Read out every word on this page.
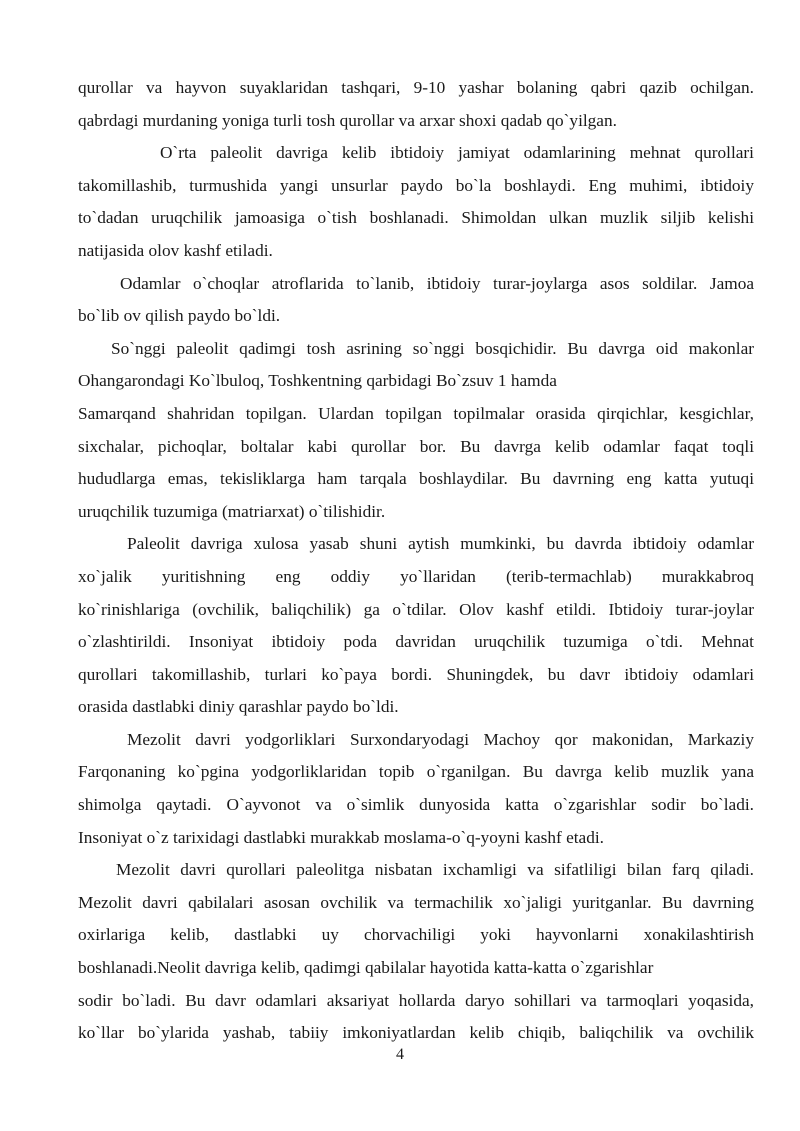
qurollar va hayvon suyaklaridan tashqari, 9-10 yashar bolaning qabri qazib ochilgan.

qabrdagi murdaning yoniga turli tosh qurollar va arxar shoxi qadab qo`yilgan.

O`rta paleolit davriga kelib ibtidoiy jamiyat odamlarining mehnat qurollari

takomillashib, turmushida yangi unsurlar paydo bo`la boshlaydi. Eng muhimi, ibtidoiy

to`dadan uruqchilik jamoasiga o`tish boshlanadi. Shimoldan ulkan muzlik siljib kelishi

natijasida olov kashf etiladi.

Odamlar o`choqlar atroflarida to`lanib, ibtidoiy turar-joylarga asos soldilar. Jamoa

bo`lib ov qilish paydo bo`ldi.

So`nggi paleolit qadimgi tosh asrining so`nggi bosqichidir. Bu davrga oid makonlar

Ohangarondagi Ko`lbuloq, Toshkentning qarbidagi Bo`zsuv 1 hamda

Samarqand shahridan topilgan. Ulardan topilgan topilmalar orasida qirqichlar, kesgichlar,

sixchalar, pichoqlar, boltalar kabi qurollar bor. Bu davrga kelib odamlar faqat toqli

hududlarga emas, tekisliklarga ham tarqala boshlaydilar. Bu davrning eng katta yutuqi

uruqchilik tuzumiga (matriarxat) o`tilishidir.

Paleolit davriga xulosa yasab shuni aytish mumkinki, bu davrda ibtidoiy odamlar

xo`jalik yuritishning eng oddiy yo`llaridan (terib-termachlab) murakkabroq

ko`rinishlariga (ovchilik, baliqchilik) ga o`tdilar. Olov kashf etildi. Ibtidoiy turar-joylar

o`zlashtirildi. Insoniyat ibtidoiy poda davridan uruqchilik tuzumiga o`tdi. Mehnat

qurollari takomillashib, turlari ko`paya bordi. Shuningdek, bu davr ibtidoiy odamlari

orasida dastlabki diniy qarashlar paydo bo`ldi.

Mezolit davri yodgorliklari Surxondaryodagi Machoy qor makonidan, Markaziy

Farqonaning ko`pgina yodgorliklaridan topib o`rganilgan. Bu davrga kelib muzlik yana

shimolga qaytadi. O`ayvonot va o`simlik dunyosida katta o`zgarishlar sodir bo`ladi.

Insoniyat o`z tarixidagi dastlabki murakkab moslama-o`q-yoyni kashf etadi.

Mezolit davri qurollari paleolitga nisbatan ixchamligi va sifatliligi bilan farq qiladi.

Mezolit davri qabilalari asosan ovchilik va termachilik xo`jaligi yuritganlar. Bu davrning

oxirlariga kelib, dastlabki uy chorvachiligi yoki hayvonlarni xonakilashtirish

boshlanadi.Neolit davriga kelib, qadimgi qabilalar hayotida katta-katta o`zgarishlar

sodir bo`ladi. Bu davr odamlari aksariyat hollarda daryo sohillari va tarmoqlari yoqasida,

ko`llar bo`ylarida yashab, tabiiy imkoniyatlardan kelib chiqib, baliqchilik va ovchilik

4
